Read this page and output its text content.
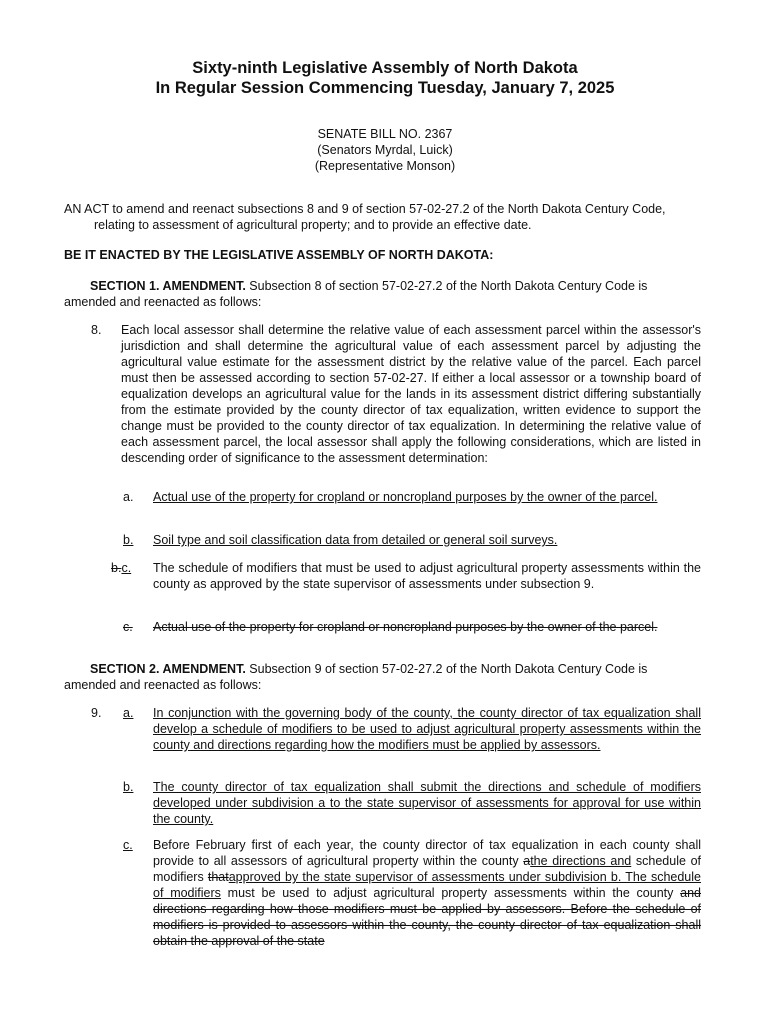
Sixty-ninth Legislative Assembly of North Dakota
In Regular Session Commencing Tuesday, January 7, 2025
SENATE BILL NO. 2367
(Senators Myrdal, Luick)
(Representative Monson)
AN ACT to amend and reenact subsections 8 and 9 of section 57-02-27.2 of the North Dakota Century Code, relating to assessment of agricultural property; and to provide an effective date.
BE IT ENACTED BY THE LEGISLATIVE ASSEMBLY OF NORTH DAKOTA:
SECTION 1. AMENDMENT. Subsection 8 of section 57-02-27.2 of the North Dakota Century Code is amended and reenacted as follows:
8. Each local assessor shall determine the relative value of each assessment parcel within the assessor's jurisdiction and shall determine the agricultural value of each assessment parcel by adjusting the agricultural value estimate for the assessment district by the relative value of the parcel. Each parcel must then be assessed according to section 57-02-27. If either a local assessor or a township board of equalization develops an agricultural value for the lands in its assessment district differing substantially from the estimate provided by the county director of tax equalization, written evidence to support the change must be provided to the county director of tax equalization. In determining the relative value of each assessment parcel, the local assessor shall apply the following considerations, which are listed in descending order of significance to the assessment determination:
a. Actual use of the property for cropland or noncropland purposes by the owner of the parcel.
b. Soil type and soil classification data from detailed or general soil surveys.
b.c. The schedule of modifiers that must be used to adjust agricultural property assessments within the county as approved by the state supervisor of assessments under subsection 9.
c. Actual use of the property for cropland or noncropland purposes by the owner of the parcel.
SECTION 2. AMENDMENT. Subsection 9 of section 57-02-27.2 of the North Dakota Century Code is amended and reenacted as follows:
9. a. In conjunction with the governing body of the county, the county director of tax equalization shall develop a schedule of modifiers to be used to adjust agricultural property assessments within the county and directions regarding how the modifiers must be applied by assessors.
b. The county director of tax equalization shall submit the directions and schedule of modifiers developed under subdivision a to the state supervisor of assessments for approval for use within the county.
c. Before February first of each year, the county director of tax equalization in each county shall provide to all assessors of agricultural property within the county athe directions and schedule of modifiers thatapproved by the state supervisor of assessments under subdivision b. The schedule of modifiers must be used to adjust agricultural property assessments within the county and directions regarding how those modifiers must be applied by assessors. Before the schedule of modifiers is provided to assessors within the county, the county director of tax equalization shall obtain the approval of the state
